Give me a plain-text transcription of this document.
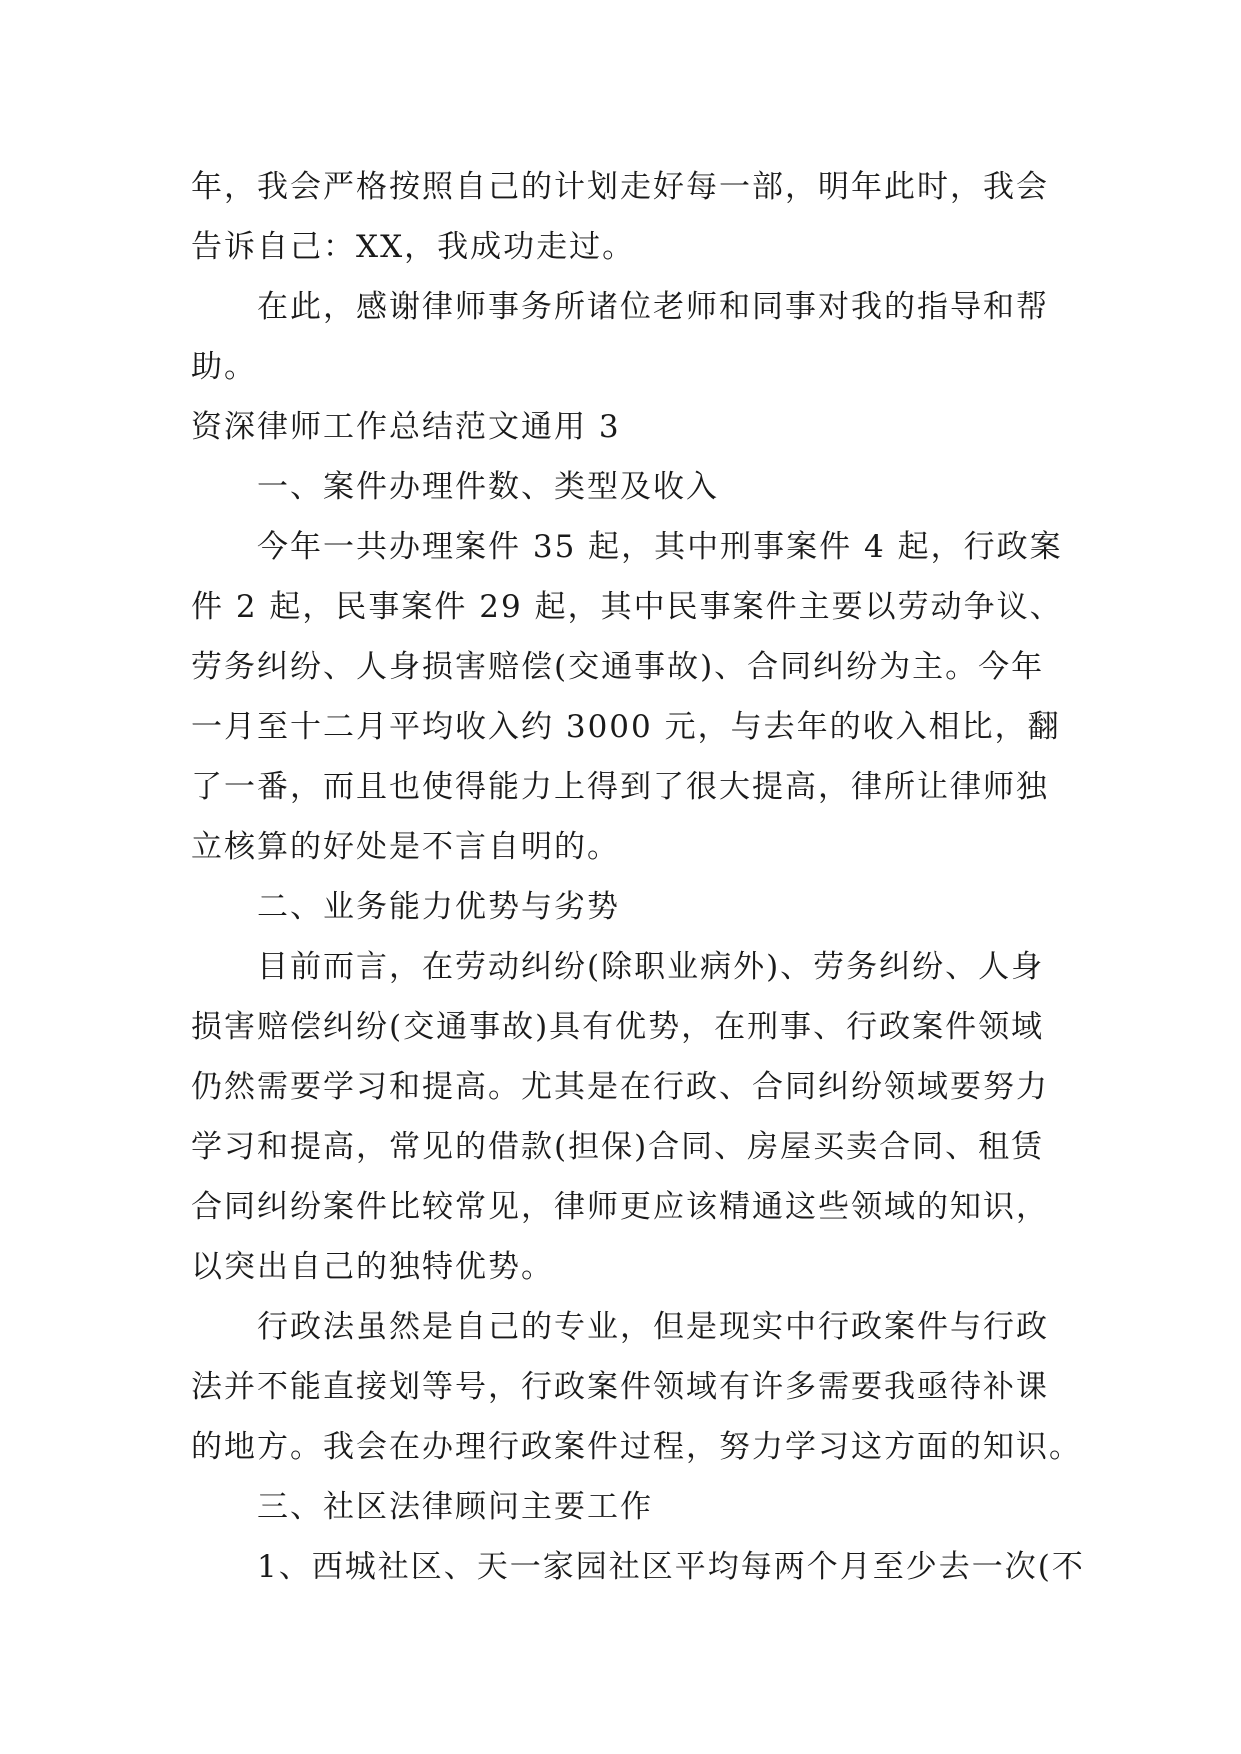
年，我会严格按照自己的计划走好每一部，明年此时，我会
告诉自己：XX，我成功走过。
在此，感谢律师事务所诸位老师和同事对我的指导和帮
助。
资深律师工作总结范文通用 3
一、案件办理件数、类型及收入
今年一共办理案件 35 起，其中刑事案件 4 起，行政案
件 2 起，民事案件 29 起，其中民事案件主要以劳动争议、
劳务纠纷、人身损害赔偿(交通事故)、合同纠纷为主。今年
一月至十二月平均收入约 3000 元，与去年的收入相比，翻
了一番，而且也使得能力上得到了很大提高，律所让律师独
立核算的好处是不言自明的。
二、业务能力优势与劣势
目前而言，在劳动纠纷(除职业病外)、劳务纠纷、人身
损害赔偿纠纷(交通事故)具有优势，在刑事、行政案件领域
仍然需要学习和提高。尤其是在行政、合同纠纷领域要努力
学习和提高，常见的借款(担保)合同、房屋买卖合同、租赁
合同纠纷案件比较常见，律师更应该精通这些领域的知识，
以突出自己的独特优势。
行政法虽然是自己的专业，但是现实中行政案件与行政
法并不能直接划等号，行政案件领域有许多需要我亟待补课
的地方。我会在办理行政案件过程，努力学习这方面的知识。
三、社区法律顾问主要工作
1、西城社区、天一家园社区平均每两个月至少去一次(不
